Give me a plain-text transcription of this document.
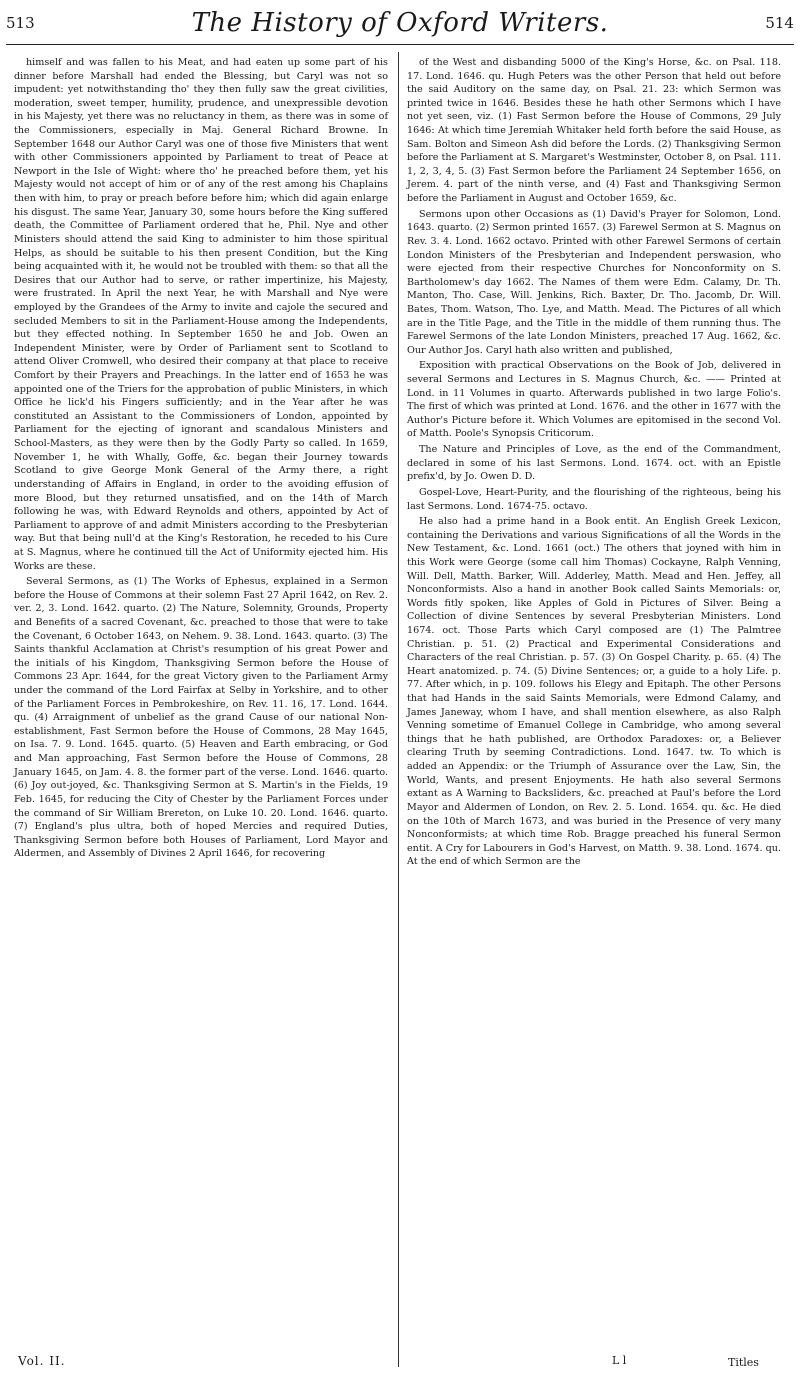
513	The History of Oxford Writers.	514

himself and was fallen to his Meat, and had eaten up some part of his dinner before Marshall had ended the Blessing, but Caryl was not so impudent: yet notwithstanding tho' they then fully saw the great civilities, moderation, sweet temper, humility, prudence, and unexpressible devotion in his Majesty, yet there was no reluctancy in them, as there was in some of the Commissioners, especially in Maj. General Richard Browne. In September 1648 our Author Caryl was one of those five Ministers that went with other Commissioners appointed by Parliament to treat of Peace at Newport in the Isle of Wight: where tho' he preached before them, yet his Majesty would not accept of him or of any of the rest among his Chaplains then with him, to pray or preach before before him; which did again enlarge his disgust. The same Year, January 30, some hours before the King suffered death, the Committee of Parliament ordered that he, Phil. Nye and other Ministers should attend the said King to administer to him those spiritual Helps, as should be suitable to his then present Condition, but the King being acquainted with it, he would not be troubled with them: so that all the Desires that our Author had to serve, or rather impertinize, his Majesty, were frustrated. In April the next Year, he with Marshall and Nye were employed by the Grandees of the Army to invite and cajole the secured and secluded Members to sit in the Parliament-House among the Independents, but they effected nothing. In September 1650 he and Job. Owen an Independent Minister, were by Order of Parliament sent to Scotland to attend Oliver Cromwell, who desired their company at that place to receive Comfort by their Prayers and Preachings. In the latter end of 1653 he was appointed one of the Triers for the approbation of public Ministers, in which Office he lick'd his Fingers sufficiently; and in the Year after he was constituted an Assistant to the Commissioners of London, appointed by Parliament for the ejecting of ignorant and scandalous Ministers and School-Masters, as they were then by the Godly Party so called. In 1659, November 1, he with Whally, Goffe, &c. began their Journey towards Scotland to give George Monk General of the Army there, a right understanding of Affairs in England, in order to the avoiding effusion of more Blood, but they returned unsatisfied, and on the 14th of March following he was, with Edward Reynolds and others, appointed by Act of Parliament to approve of and admit Ministers according to the Presbyterian way. But that being null'd at the King's Restoration, he receded to his Cure at S. Magnus, where he continued till the Act of Uniformity ejected him. His Works are these.

Several Sermons, as (1) The Works of Ephesus, explained in a Sermon before the House of Commons at their solemn Fast 27 April 1642, on Rev. 2. ver. 2, 3. Lond. 1642. quarto. (2) The Nature, Solemnity, Grounds, Property and Benefits of a sacred Covenant, &c. preached to those that were to take the Covenant, 6 October 1643, on Nehem. 9. 38. Lond. 1643. quarto. (3) The Saints thankful Acclamation at Christ's resumption of his great Power and the initials of his Kingdom, Thanksgiving Sermon before the House of Commons 23 Apr. 1644, for the great Victory given to the Parliament Army under the command of the Lord Fairfax at Selby in Yorkshire, and to other of the Parliament Forces in Pembrokeshire, on Rev. 11. 16, 17. Lond. 1644. qu. (4) Arraignment of unbelief as the grand Cause of our national Non-establishment, Fast Sermon before the House of Commons, 28 May 1645, on Isa. 7. 9. Lond. 1645. quarto. (5) Heaven and Earth embracing, or God and Man approaching, Fast Sermon before the House of Commons, 28 January 1645, on Jam. 4. 8. the former part of the verse. Lond. 1646. quarto. (6) Joy out-joyed, &c. Thanksgiving Sermon at S. Martin's in the Fields, 19 Feb. 1645, for reducing the City of Chester by the Parliament Forces under the command of Sir William Brereton, on Luke 10. 20. Lond. 1646. quarto. (7) England's plus ultra, both of hoped Mercies and required Duties, Thanksgiving Sermon before both Houses of Parliament, Lord Mayor and Aldermen, and Assembly of Divines 2 April 1646, for recovering

of the West and disbanding 5000 of the King's Horse, &c. on Psal. 118. 17. Lond. 1646. qu. Hugh Peters was the other Person that held out before the said Auditory on the same day, on Psal. 21. 23: which Sermon was printed twice in 1646. Besides these he hath other Sermons which I have not yet seen, viz. (1) Fast Sermon before the House of Commons, 29 July 1646: At which time Jeremiah Whitaker held forth before the said House, as Sam. Bolton and Simeon Ash did before the Lords. (2) Thanksgiving Sermon before the Parliament at S. Margaret's Westminster, October 8, on Psal. 111. 1, 2, 3, 4, 5. (3) Fast Sermon before the Parliament 24 September 1656, on Jerem. 4. part of the ninth verse, and (4) Fast and Thanksgiving Sermon before the Parliament in August and October 1659, &c.

Sermons upon other Occasions as (1) David's Prayer for Solomon, Lond. 1643. quarto. (2) Sermon printed 1657. (3) Farewel Sermon at S. Magnus on Rev. 3. 4. Lond. 1662 octavo. Printed with other Farewel Sermons of certain London Ministers of the Presbyterian and Independent perswasion, who were ejected from their respective Churches for Nonconformity on S. Bartholomew's day 1662. The Names of them were Edm. Calamy, Dr. Th. Manton, Tho. Case, Will. Jenkins, Rich. Baxter, Dr. Tho. Jacomb, Dr. Will. Bates, Thom. Watson, Tho. Lye, and Matth. Mead. The Pictures of all which are in the Title Page, and the Title in the middle of them running thus. The Farewel Sermons of the late London Ministers, preached 17 Aug. 1662, &c. Our Author Jos. Caryl hath also written and published,

Exposition with practical Observations on the Book of Job, delivered in several Sermons and Lectures in S. Magnus Church, &c. —— Printed at Lond. in 11 Volumes in quarto. Afterwards published in two large Folio's. The first of which was printed at Lond. 1676. and the other in 1677 with the Author's Picture before it. Which Volumes are epitomised in the second Vol. of Matth. Poole's Synopsis Criticorum.

The Nature and Principles of Love, as the end of the Commandment, declared in some of his last Sermons. Lond. 1674. oct. with an Epistle prefix'd, by Jo. Owen D. D.

Gospel-Love, Heart-Purity, and the flourishing of the righteous, being his last Sermons. Lond. 1674-75. octavo.

He also had a prime hand in a Book entit. An English Greek Lexicon, containing the Derivations and various Significations of all the Words in the New Testament, &c. Lond. 1661 (oct.) The others that joyned with him in this Work were George (some call him Thomas) Cockayne, Ralph Venning, Will. Dell, Matth. Barker, Will. Adderley, Matth. Mead and Hen. Jeffey, all Nonconformists. Also a hand in another Book called Saints Memorials: or, Words fitly spoken, like Apples of Gold in Pictures of Silver. Being a Collection of divine Sentences by several Presbyterian Ministers. Lond 1674. oct. Those Parts which Caryl composed are (1) The Palmtree Christian. p. 51. (2) Practical and Experimental Considerations and Characters of the real Christian. p. 57. (3) On Gospel Charity. p. 65. (4) The Heart anatomized. p. 74. (5) Divine Sentences; or, a guide to a holy Life. p. 77. After which, in p. 109. follows his Elegy and Epitaph. The other Persons that had Hands in the said Saints Memorials, were Edmond Calamy, and James Janeway, whom I have, and shall mention elsewhere, as also Ralph Venning sometime of Emanuel College in Cambridge, who among several things that he hath published, are Orthodox Paradoxes: or, a Believer clearing Truth by seeming Contradictions. Lond. 1647. tw. To which is added an Appendix: or the Triumph of Assurance over the Law, Sin, the World, Wants, and present Enjoyments. He hath also several Sermons extant as A Warning to Backsliders, &c. preached at Paul's before the Lord Mayor and Aldermen of London, on Rev. 2. 5. Lond. 1654. qu. &c. He died on the 10th of March 1673, and was buried in the Presence of very many Nonconformists; at which time Rob. Bragge preached his funeral Sermon entit. A Cry for Labourers in God's Harvest, on Matth. 9. 38. Lond. 1674. qu. At the end of which Sermon are the

Vol. II.	L l	Titles
